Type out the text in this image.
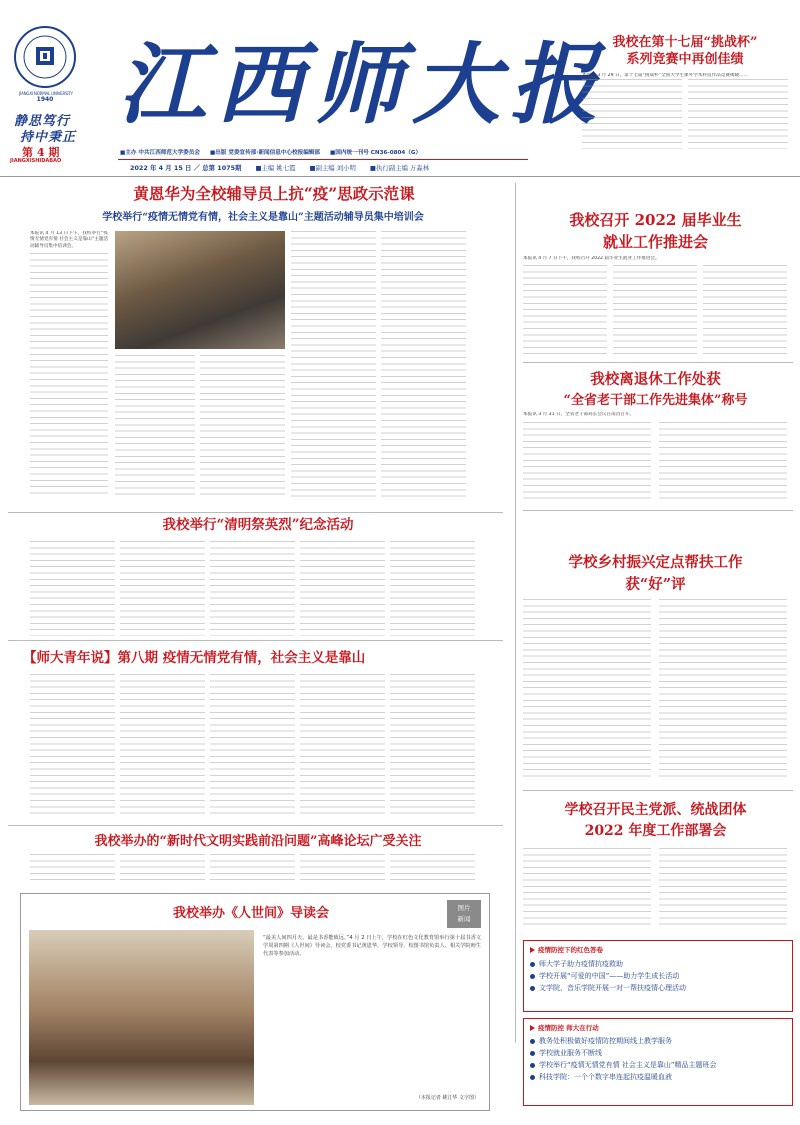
JIANGXI NORMAL UNIVERSITY
1940
静思笃行
持中秉正
第 4 期
JIANGXISHIDABAO
江西师大报
■主办 中共江西师范大学委员会 ■出版 党委宣传部·新闻信息中心校报编辑部 ■国内统一刊号 CN36-0804（G）
2022 年 4 月 15 日 ／ 总第 1075期 ■主编 姚七霞 ■副主编 刘小明 ■执行副主编 万淼林
我校在第十七届“挑战杯”
系列竞赛中再创佳绩
本报讯 3 月 29 日，第十七届“挑战杯”全国大学生课外学术科技作品竞赛揭晓……
黄恩华为全校辅导员上抗“疫”思政示范课
学校举行“疫情无情党有情，社会主义是靠山”主题活动辅导员集中培训会
本报讯 4 月 13 日下午，我校举行“疫情无情党有情 社会主义是靠山”主题活动辅导员集中培训会。
我校召开 2022 届毕业生
就业工作推进会
本报讯 4 月 7 日下午，我校召开 2022 届毕业生就业工作推进会。
我校离退休工作处获
“全省老干部工作先进集体”称号
本报讯 3 月 31 日，全省老干部局长会议在南昌召开。
学校乡村振兴定点帮扶工作
获“好”评
学校召开民主党派、统战团体
2022 年度工作部署会
疫情防控下的红色答卷
师大学子助力疫情抗疫救助
学校开展“可爱的中国”——助力学生成长活动
文学院、音乐学院开展一对一帮扶疫情心理活动
疫情防控 师大在行动
教务处积极做好疫情防控期间线上教学服务
学校就业服务不断线
学校举行“疫情无情党有情 社会主义是靠山”精品主题班会
科技学院：一个个数字串连起抗疫温暖血液
我校举行“清明祭英烈”纪念活动
【师大青年说】第八期 疫情无情党有情，社会主义是靠山
我校举办的“新时代文明实践前沿问题”高峰论坛广受关注
我校举办《人世间》导读会	图片
新闻
“最美人间四月天，最是书香能致远。”4 月 2 日上午，学校在红色文化教育馆举行第十届书香文学周第四期《人世间》导读会。校党委书记黄恩华，学校领导、校图书馆负责人、相关学院师生代表等参加活动。
（本报记者 姚江华 文字图）
